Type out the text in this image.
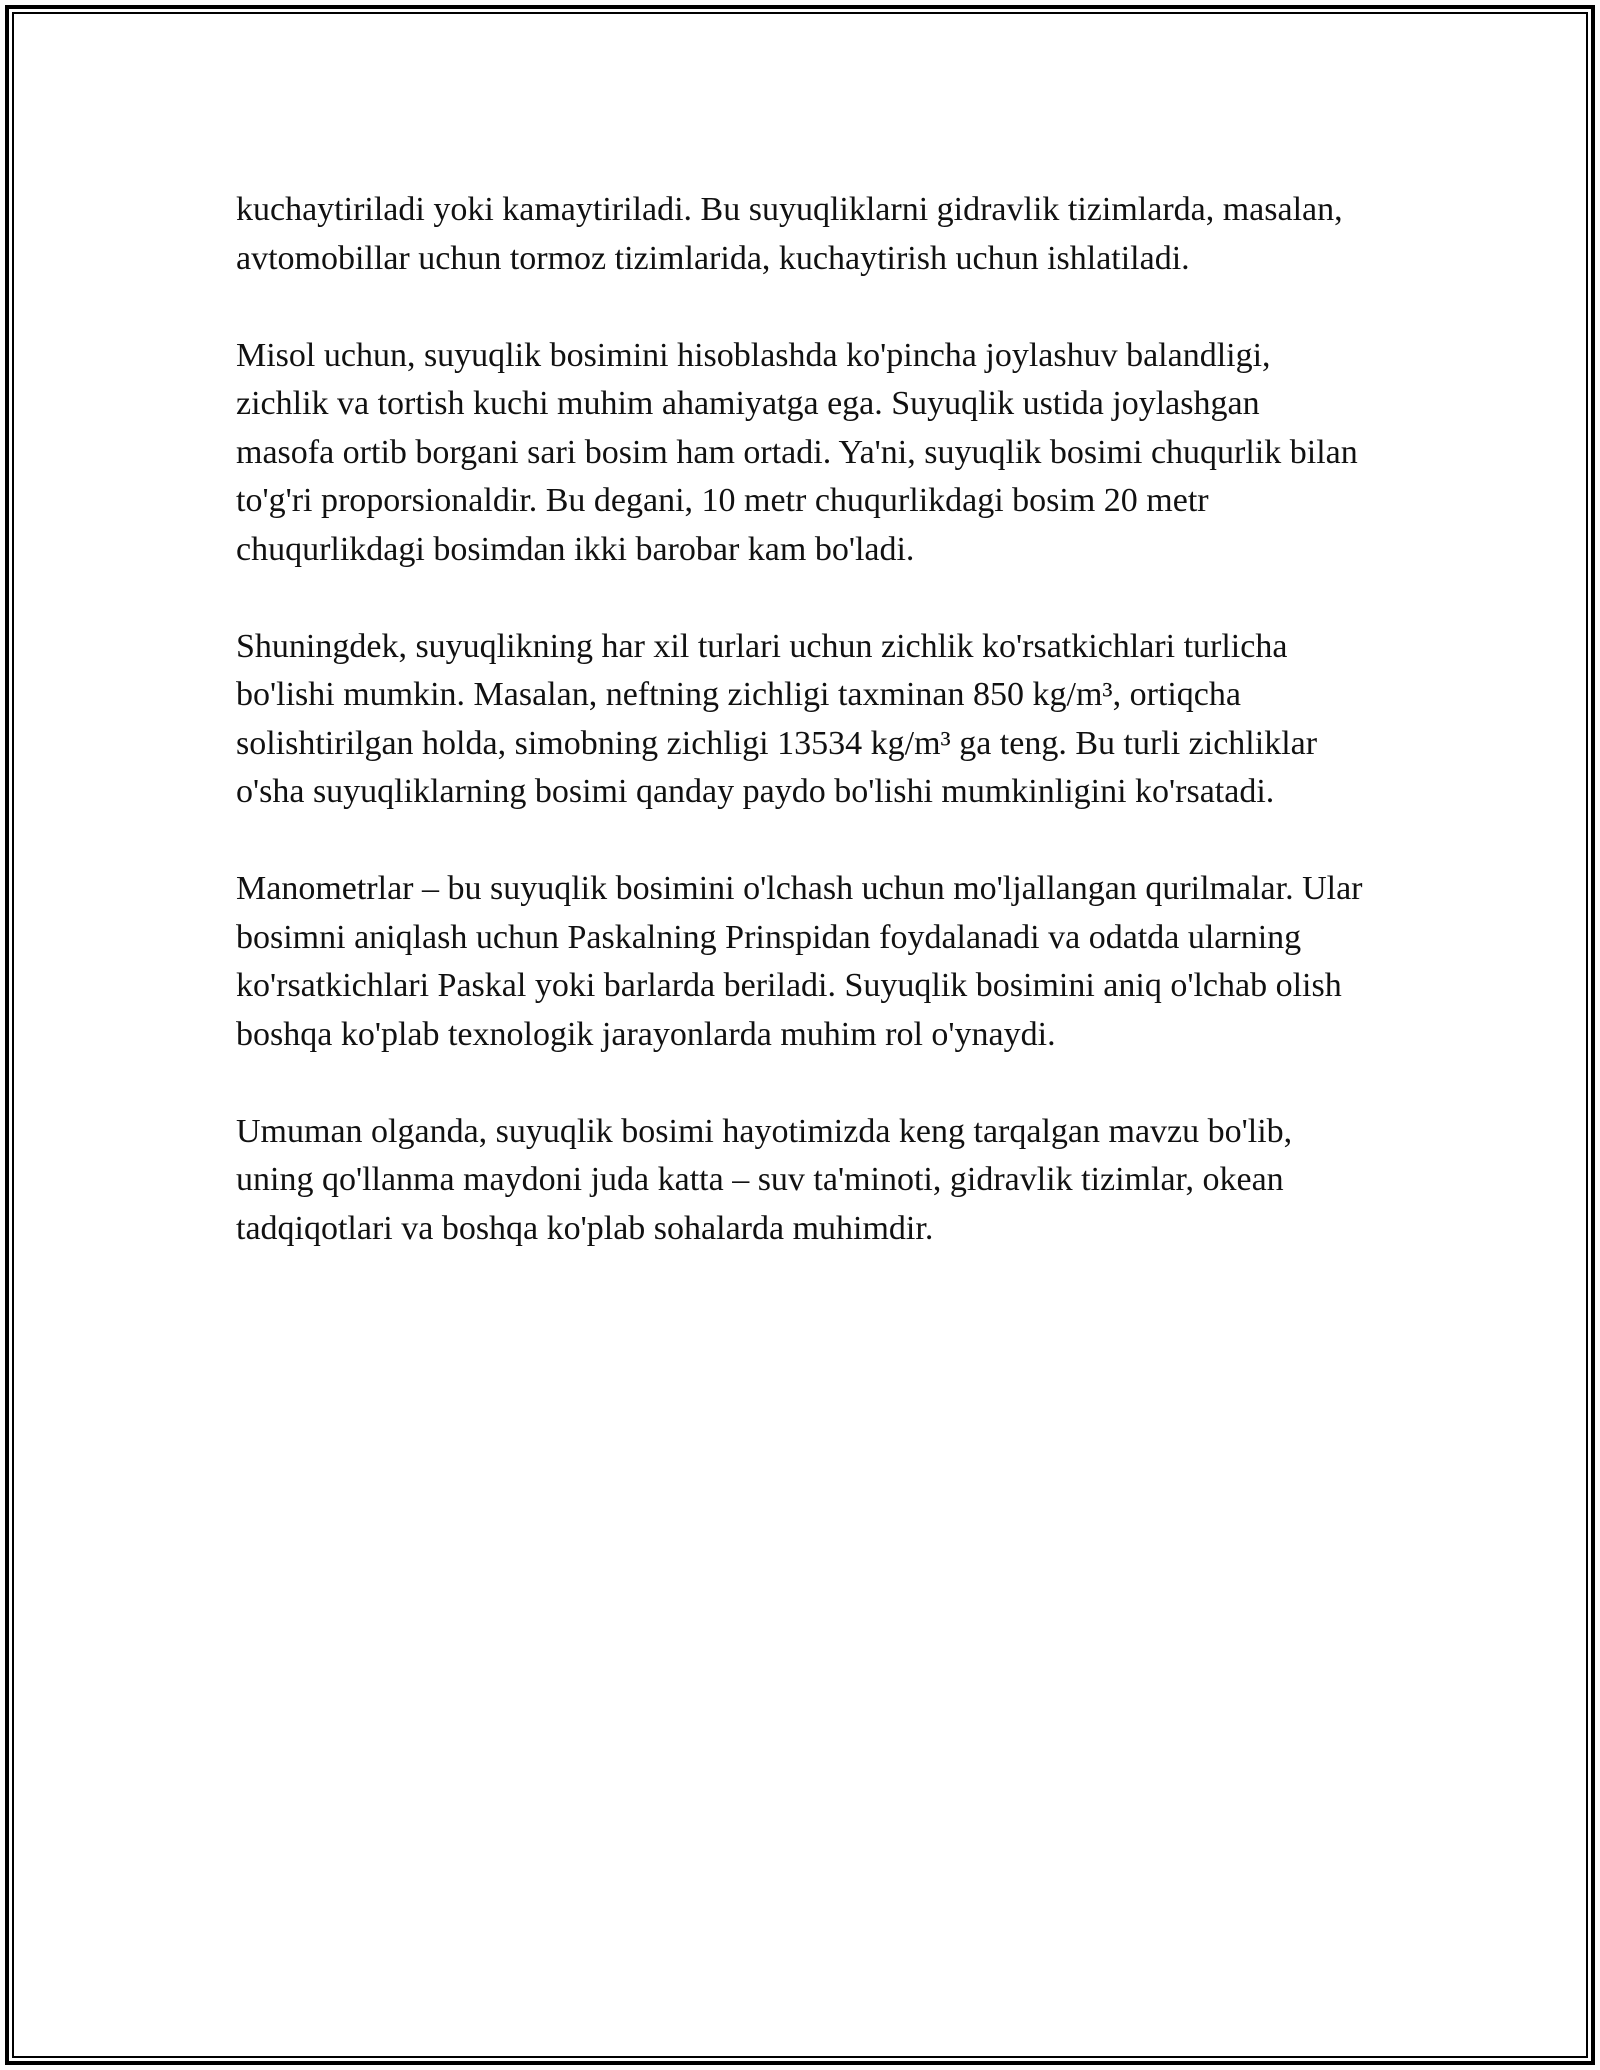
kuchaytiriladi yoki kamaytiriladi. Bu suyuqliklarni gidravlik tizimlarda, masalan, avtomobillar uchun tormoz tizimlarida, kuchaytirish uchun ishlatiladi.

Misol uchun, suyuqlik bosimini hisoblashda ko'pincha joylashuv balandligi, zichlik va tortish kuchi muhim ahamiyatga ega. Suyuqlik ustida joylashgan masofa ortib borgani sari bosim ham ortadi. Ya'ni, suyuqlik bosimi chuqurlik bilan to'g'ri proporsionaldir. Bu degani, 10 metr chuqurlikdagi bosim 20 metr chuqurlikdagi bosimdan ikki barobar kam bo'ladi.

Shuningdek, suyuqlikning har xil turlari uchun zichlik ko'rsatkichlari turlicha bo'lishi mumkin. Masalan, neftning zichligi taxminan 850 kg/m³, ortiqcha solishtirilgan holda, simobning zichligi 13534 kg/m³ ga teng. Bu turli zichliklar o'sha suyuqliklarning bosimi qanday paydo bo'lishi mumkinligini ko'rsatadi.

Manometrlar – bu suyuqlik bosimini o'lchash uchun mo'ljallangan qurilmalar. Ular bosimni aniqlash uchun Paskalning Prinspidan foydalanadi va odatda ularning ko'rsatkichlari Paskal yoki barlarda beriladi. Suyuqlik bosimini aniq o'lchab olish boshqa ko'plab texnologik jarayonlarda muhim rol o'ynaydi.

Umuman olganda, suyuqlik bosimi hayotimizda keng tarqalgan mavzu bo'lib, uning qo'llanma maydoni juda katta – suv ta'minoti, gidravlik tizimlar, okean tadqiqotlari va boshqa ko'plab sohalarda muhimdir.
